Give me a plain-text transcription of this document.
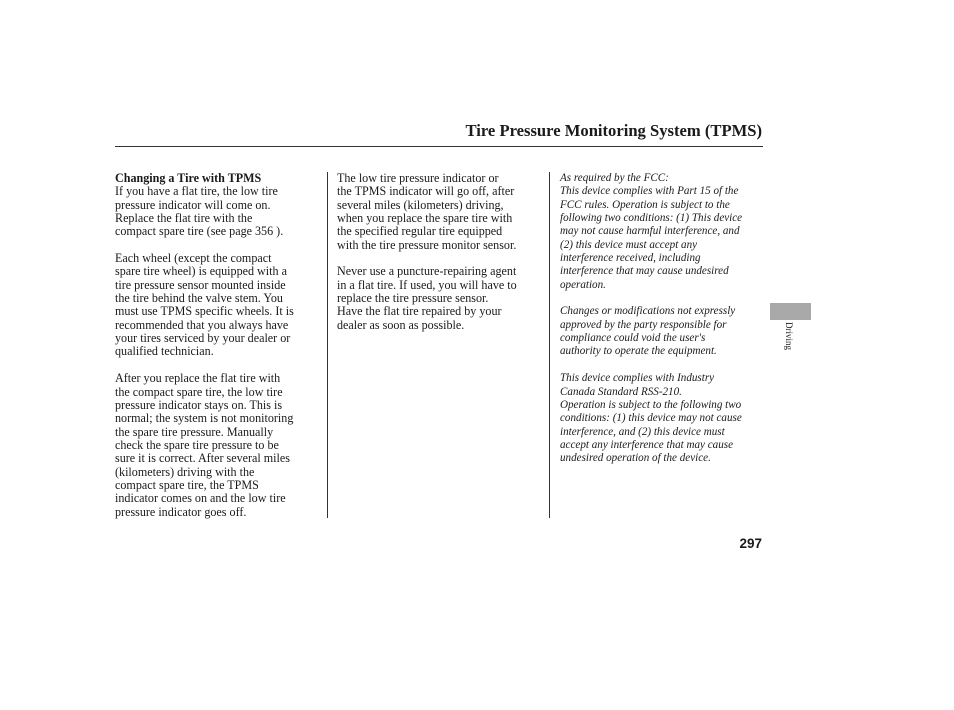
Tire Pressure Monitoring System (TPMS)

Changing a Tire with TPMS

If you have a flat tire, the low tire
pressure indicator will come on.
Replace the flat tire with the
compact spare tire (see page 356 ).

Each wheel (except the compact
spare tire wheel) is equipped with a
tire pressure sensor mounted inside
the tire behind the valve stem. You
must use TPMS specific wheels. It is
recommended that you always have
your tires serviced by your dealer or
qualified technician.

After you replace the flat tire with
the compact spare tire, the low tire
pressure indicator stays on. This is
normal; the system is not monitoring
the spare tire pressure. Manually
check the spare tire pressure to be
sure it is correct. After several miles
(kilometers) driving with the
compact spare tire, the TPMS
indicator comes on and the low tire
pressure indicator goes off.

The low tire pressure indicator or
the TPMS indicator will go off, after
several miles (kilometers) driving,
when you replace the spare tire with
the specified regular tire equipped
with the tire pressure monitor sensor.

Never use a puncture-repairing agent
in a flat tire. If used, you will have to
replace the tire pressure sensor.
Have the flat tire repaired by your
dealer as soon as possible.

As required by the FCC:
This device complies with Part 15 of the
FCC rules. Operation is subject to the
following two conditions: (1) This device
may not cause harmful interference, and
(2) this device must accept any
interference received, including
interference that may cause undesired
operation.

Changes or modifications not expressly
approved by the party responsible for
compliance could void the user's
authority to operate the equipment.

This device complies with Industry
Canada Standard RSS-210.
Operation is subject to the following two
conditions: (1) this device may not cause
interference, and (2) this device must
accept any interference that may cause
undesired operation of the device.

Driving
297
